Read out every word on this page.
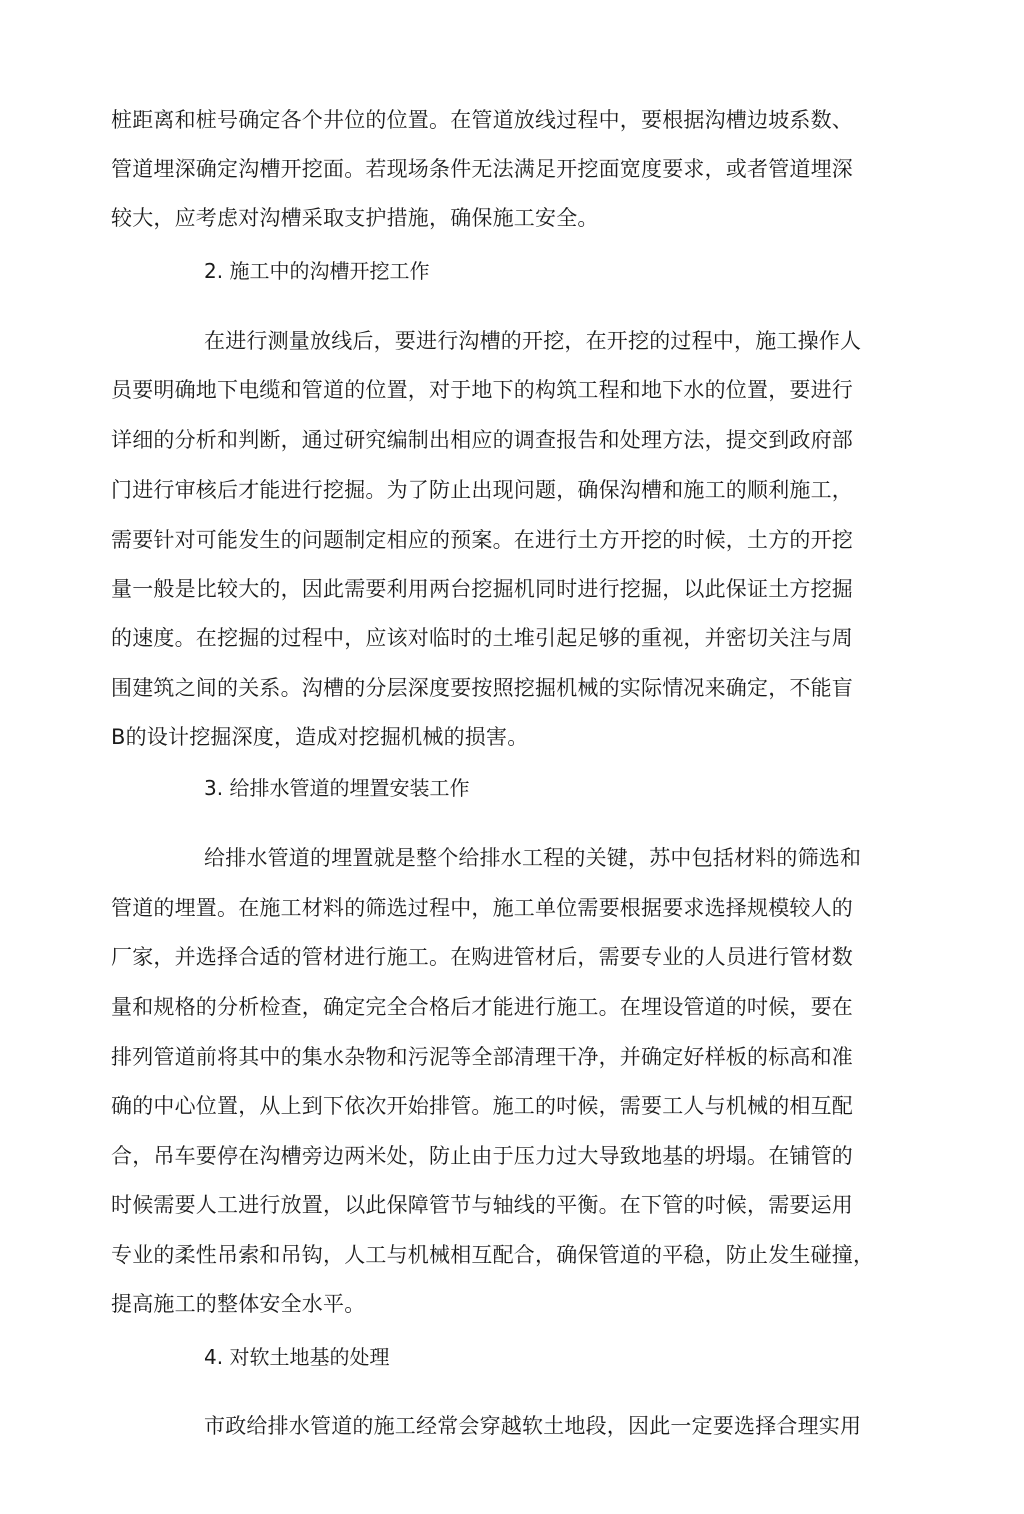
桩距离和桩号确定各个井位的位置。在管道放线过程中，要根据沟槽边坡系数、
管道埋深确定沟槽开挖面。若现场条件无法满足开挖面宽度要求，或者管道埋深
较大，应考虑对沟槽采取支护措施，确保施工安全。
2. 施工中的沟槽开挖工作
在进行测量放线后，要进行沟槽的开挖，在开挖的过程中，施工操作人
员要明确地下电缆和管道的位置，对于地下的构筑工程和地下水的位置，要进行
详细的分析和判断，通过研究编制出相应的调查报告和处理方法，提交到政府部
门进行审核后才能进行挖掘。为了防止出现问题，确保沟槽和施工的顺利施工，
需要针对可能发生的问题制定相应的预案。在进行土方开挖的时候，土方的开挖
量一般是比较大的，因此需要利用两台挖掘机同时进行挖掘，以此保证土方挖掘
的速度。在挖掘的过程中，应该对临时的土堆引起足够的重视，并密切关注与周
围建筑之间的关系。沟槽的分层深度要按照挖掘机械的实际情况来确定，不能盲
B的设计挖掘深度，造成对挖掘机械的损害。
3. 给排水管道的埋置安装工作
给排水管道的埋置就是整个给排水工程的关键，苏中包括材料的筛选和
管道的埋置。在施工材料的筛选过程中，施工单位需要根据要求选择规模较人的
厂家，并选择合适的管材进行施工。在购进管材后，需要专业的人员进行管材数
量和规格的分析检查，确定完全合格后才能进行施工。在埋设管道的吋候，要在
排列管道前将其中的集水杂物和污泥等全部清理干净，并确定好样板的标高和准
确的中心位置，从上到下依次开始排管。施工的吋候，需要工人与机械的相互配
合，吊车要停在沟槽旁边两米处，防止由于压力过大导致地基的坍塌。在铺管的
时候需要人工进行放置，以此保障管节与轴线的平衡。在下管的吋候，需要运用
专业的柔性吊索和吊钩，人工与机械相互配合，确保管道的平稳，防止发生碰撞，
提高施工的整体安全水平。
4. 对软土地基的处理
市政给排水管道的施工经常会穿越软土地段，因此一定要选择合理实用
